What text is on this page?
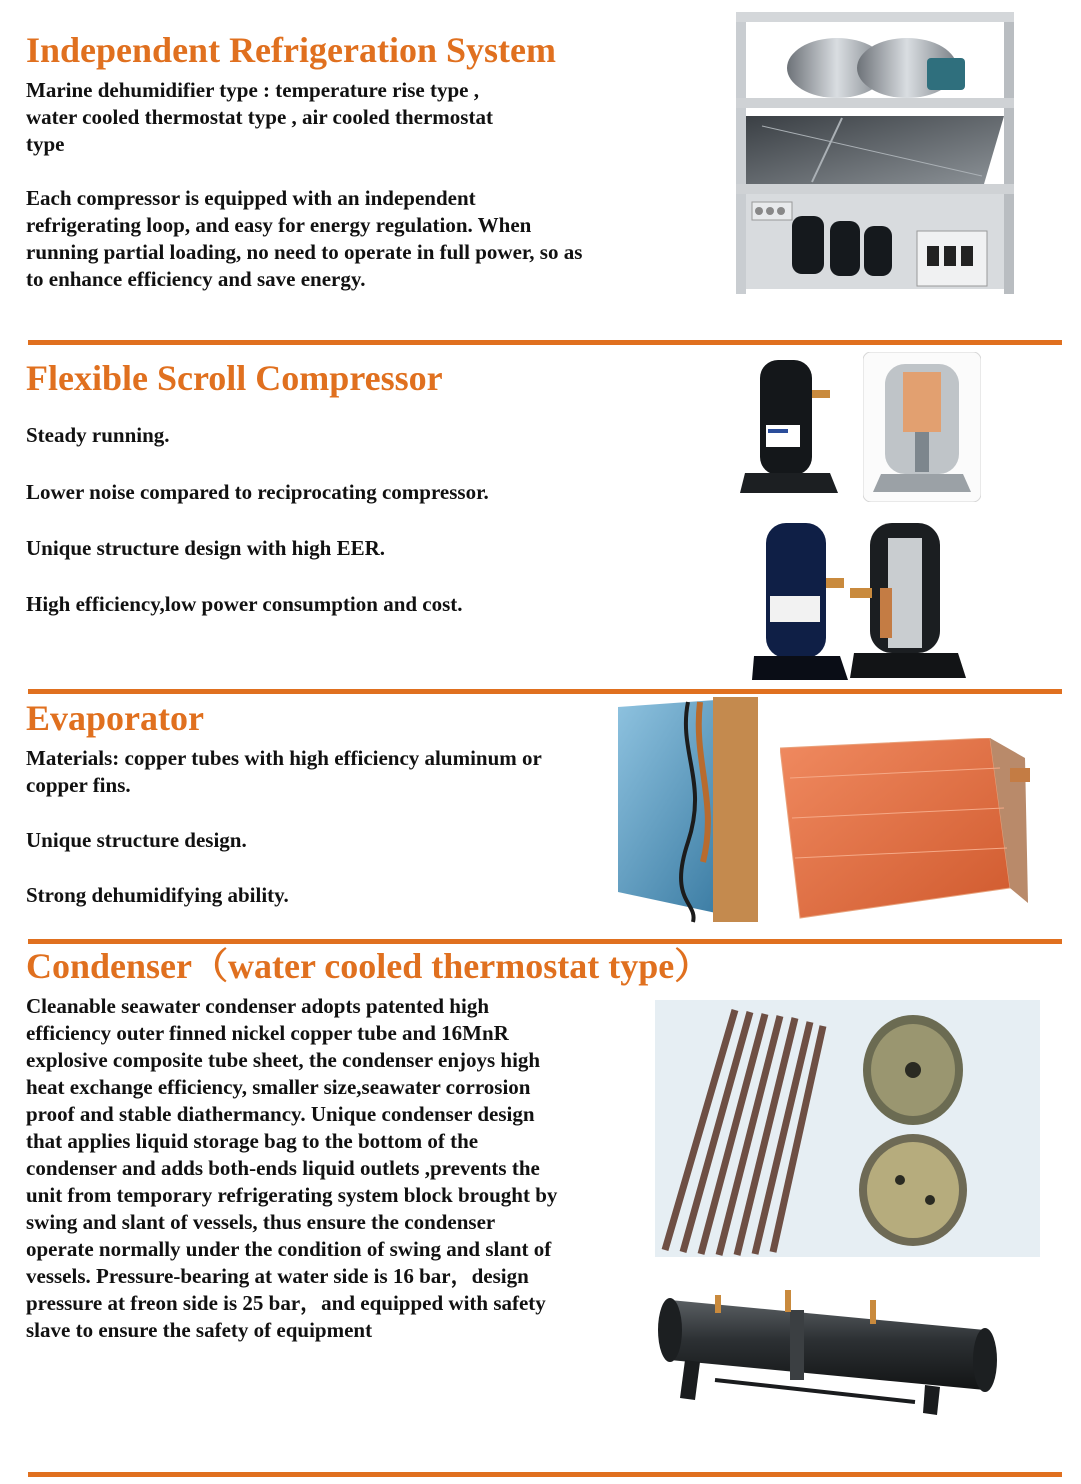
Independent Refrigeration System

Marine dehumidifier type : temperature rise type , water cooled thermostat type , air cooled thermostat type

Each compressor is equipped with an independent refrigerating loop, and easy for energy regulation. When running partial loading, no need to operate in full power, so as to enhance efficiency and save energy.

Flexible Scroll Compressor

Steady running.

Lower noise compared to reciprocating compressor.

Unique structure design with high EER.

High efficiency,low power consumption and cost.

Evaporator

Materials: copper tubes with high efficiency aluminum or copper fins.

Unique structure design.

Strong dehumidifying ability.

Condenser（water cooled thermostat type）

Cleanable seawater condenser adopts patented high efficiency outer finned nickel copper tube and 16MnR explosive composite tube sheet, the condenser enjoys high heat exchange efficiency, smaller size,seawater corrosion proof and stable diathermancy. Unique condenser design that applies liquid storage bag to the bottom of the condenser and adds both-ends liquid outlets ,prevents the unit from temporary refrigerating system block brought by swing and slant of vessels, thus ensure the condenser operate normally under the condition of swing and slant of vessels. Pressure-bearing at water side is 16 bar，design pressure at freon side is 25 bar，and equipped with safety slave to ensure the safety of equipment
